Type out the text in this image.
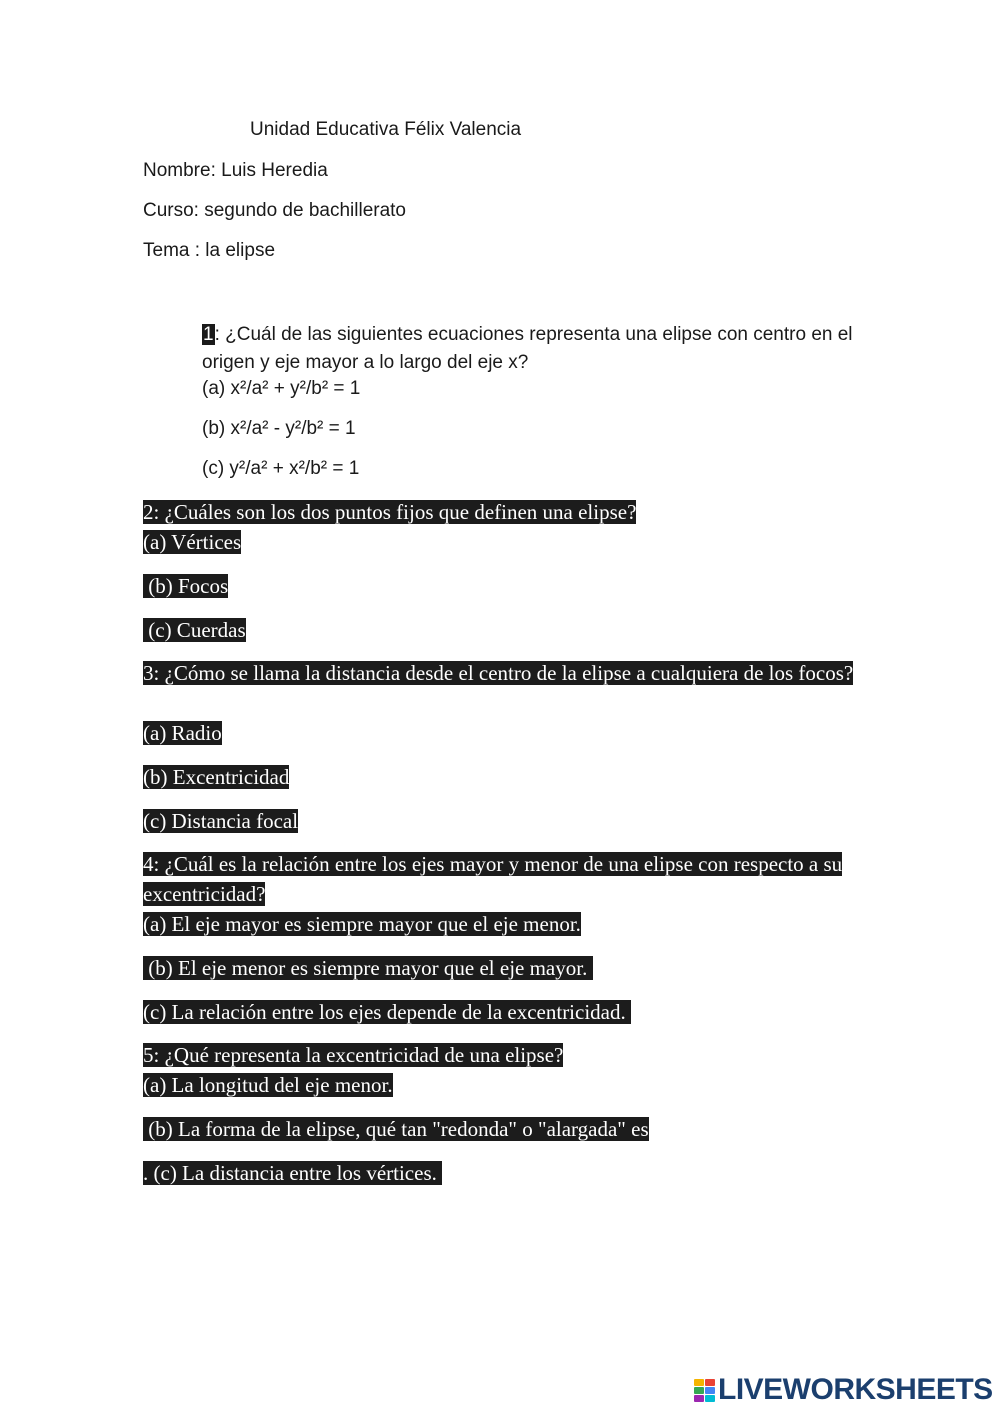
Unidad Educativa Félix Valencia
Nombre: Luis Heredia
Curso: segundo de bachillerato
Tema : la elipse
1: ¿Cuál de las siguientes ecuaciones representa una elipse con centro en el origen y eje mayor a lo largo del eje x?
(a) x²/a² + y²/b² = 1
(b) x²/a² - y²/b² = 1
(c) y²/a² + x²/b² = 1
2: ¿Cuáles son los dos puntos fijos que definen una elipse?
(a) Vértices
(b) Focos
(c) Cuerdas
3: ¿Cómo se llama la distancia desde el centro de la elipse a cualquiera de los focos?
(a) Radio
(b) Excentricidad
(c) Distancia focal
4: ¿Cuál es la relación entre los ejes mayor y menor de una elipse con respecto a su excentricidad?
(a) El eje mayor es siempre mayor que el eje menor.
(b) El eje menor es siempre mayor que el eje mayor.
(c) La relación entre los ejes depende de la excentricidad.
5: ¿Qué representa la excentricidad de una elipse?
(a) La longitud del eje menor.
(b) La forma de la elipse, qué tan "redonda" o "alargada" es
. (c) La distancia entre los vértices.
LIVEWORKSHEETS
